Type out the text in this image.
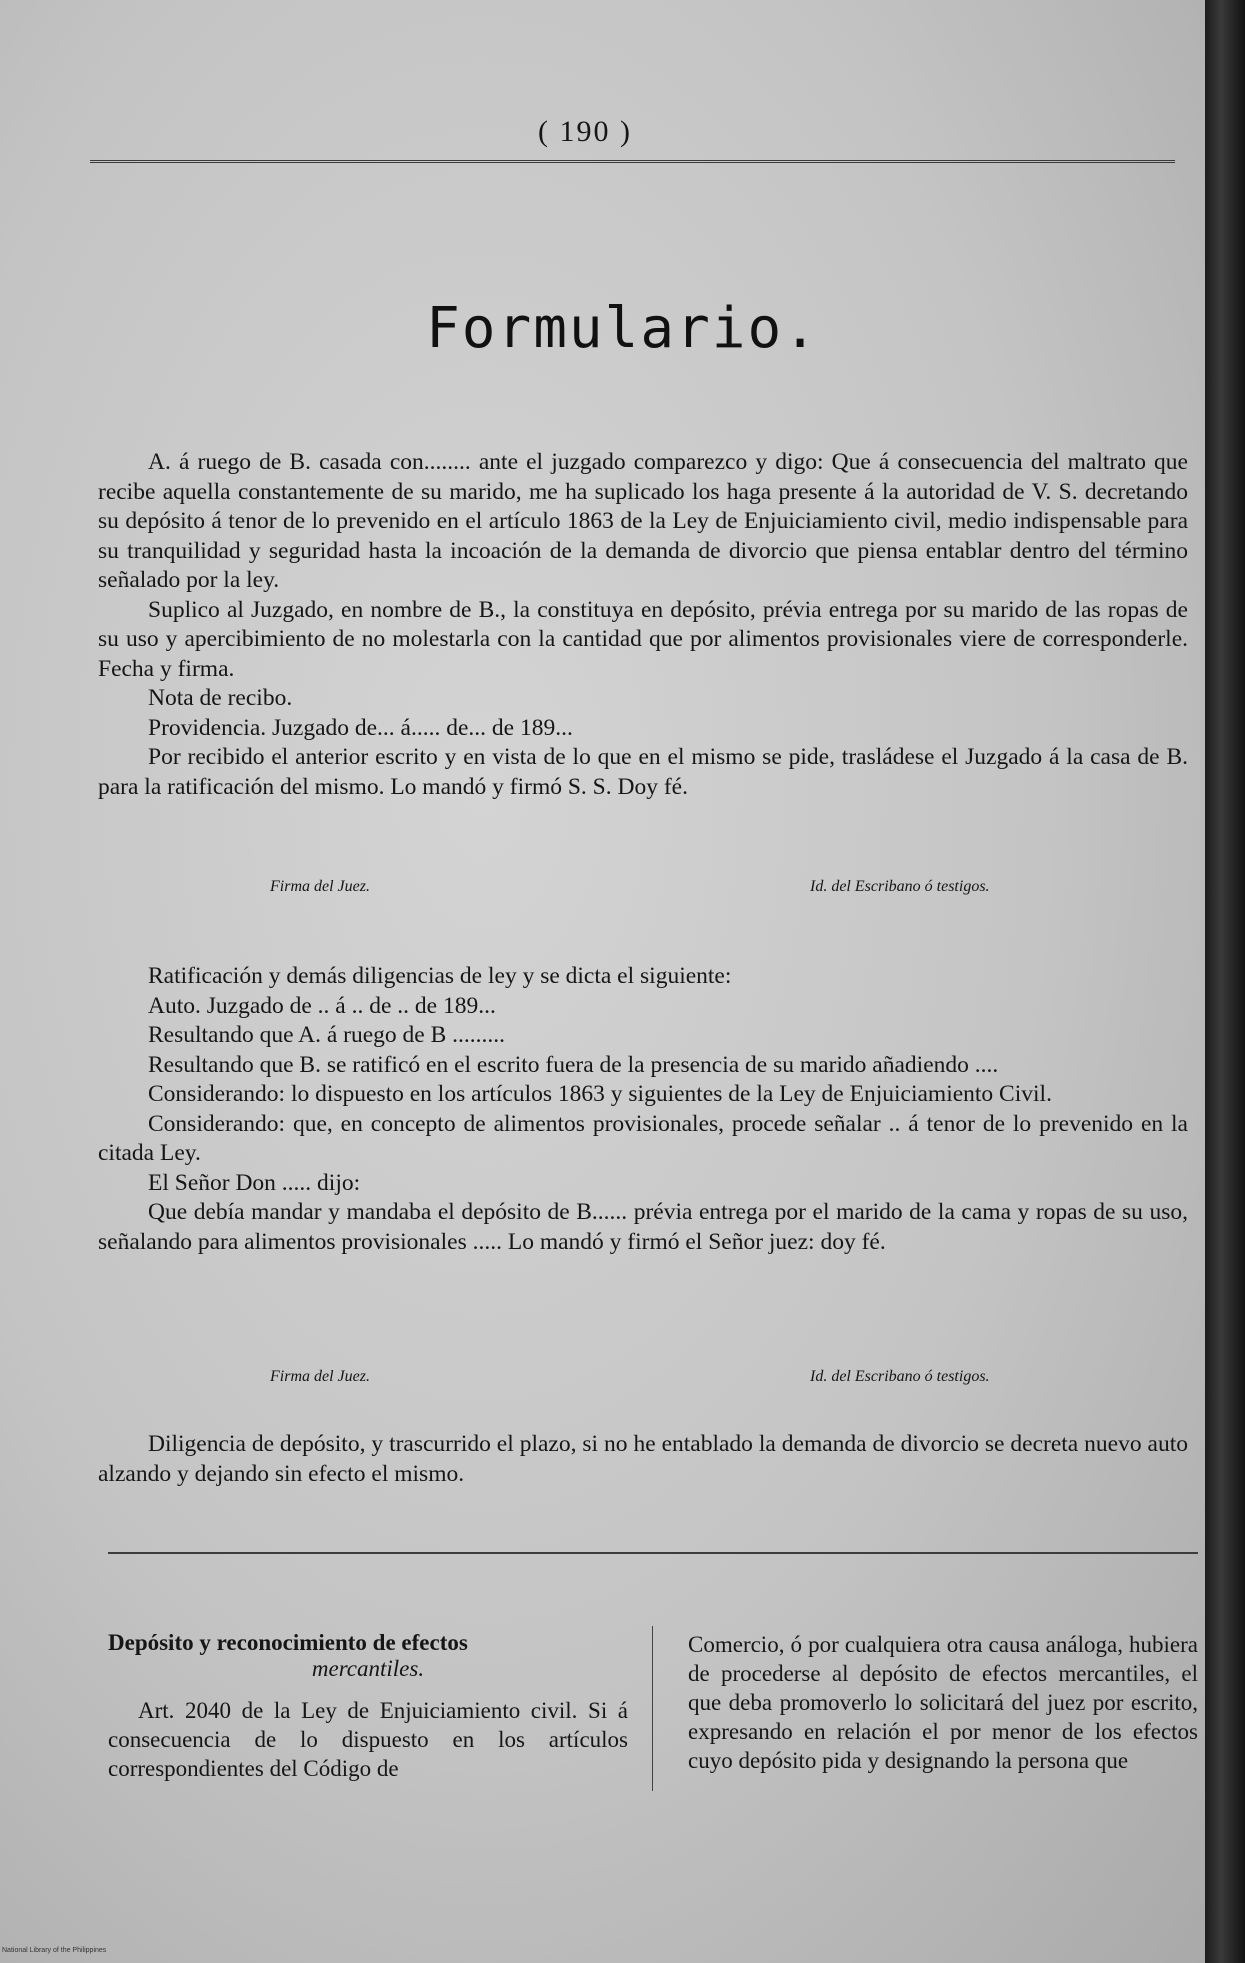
( 190 )
Formulario.

A. á ruego de B. casada con........ ante el juzgado comparezco y digo: Que á consecuencia del maltrato que recibe aquella constantemente de su marido, me ha suplicado los haga presente á la autoridad de V. S. decretando su depósito á tenor de lo prevenido en el artículo 1863 de la Ley de Enjuiciamiento civil, medio indispensable para su tranquilidad y seguridad hasta la incoación de la demanda de divorcio que piensa entablar dentro del término señalado por la ley.

Suplico al Juzgado, en nombre de B., la constituya en depósito, prévia entrega por su marido de las ropas de su uso y apercibimiento de no molestarla con la cantidad que por alimentos provisionales viere de corresponderle. Fecha y firma.

Nota de recibo.

Providencia. Juzgado de... á..... de... de 189...

Por recibido el anterior escrito y en vista de lo que en el mismo se pide, trasládese el Juzgado á la casa de B. para la ratificación del mismo. Lo mandó y firmó S. S. Doy fé.

Firma del Juez.	Id. del Escribano ó testigos.

Ratificación y demás diligencias de ley y se dicta el siguiente:

Auto. Juzgado de .. á .. de .. de 189...

Resultando que A. á ruego de B .........

Resultando que B. se ratificó en el escrito fuera de la presencia de su marido añadiendo ....

Considerando: lo dispuesto en los artículos 1863 y siguientes de la Ley de Enjuiciamiento Civil.

Considerando: que, en concepto de alimentos provisionales, procede señalar .. á tenor de lo prevenido en la citada Ley.

El Señor Don ..... dijo:

Que debía mandar y mandaba el depósito de B...... prévia entrega por el marido de la cama y ropas de su uso, señalando para alimentos provisionales ..... Lo mandó y firmó el Señor juez: doy fé.

Firma del Juez.	Id. del Escribano ó testigos.

Diligencia de depósito, y trascurrido el plazo, si no he entablado la demanda de divorcio se decreta nuevo auto alzando y dejando sin efecto el mismo.

Depósito y reconocimiento de efectos
mercantiles.

Art. 2040 de la Ley de Enjuiciamiento civil. Si á consecuencia de lo dispuesto en los artículos correspondientes del Código de

Comercio, ó por cualquiera otra causa análoga, hubiera de procederse al depósito de efectos mercantiles, el que deba promoverlo lo solicitará del juez por escrito, expresando en relación el por menor de los efectos cuyo depósito pida y designando la persona que

National Library of the Philippines
